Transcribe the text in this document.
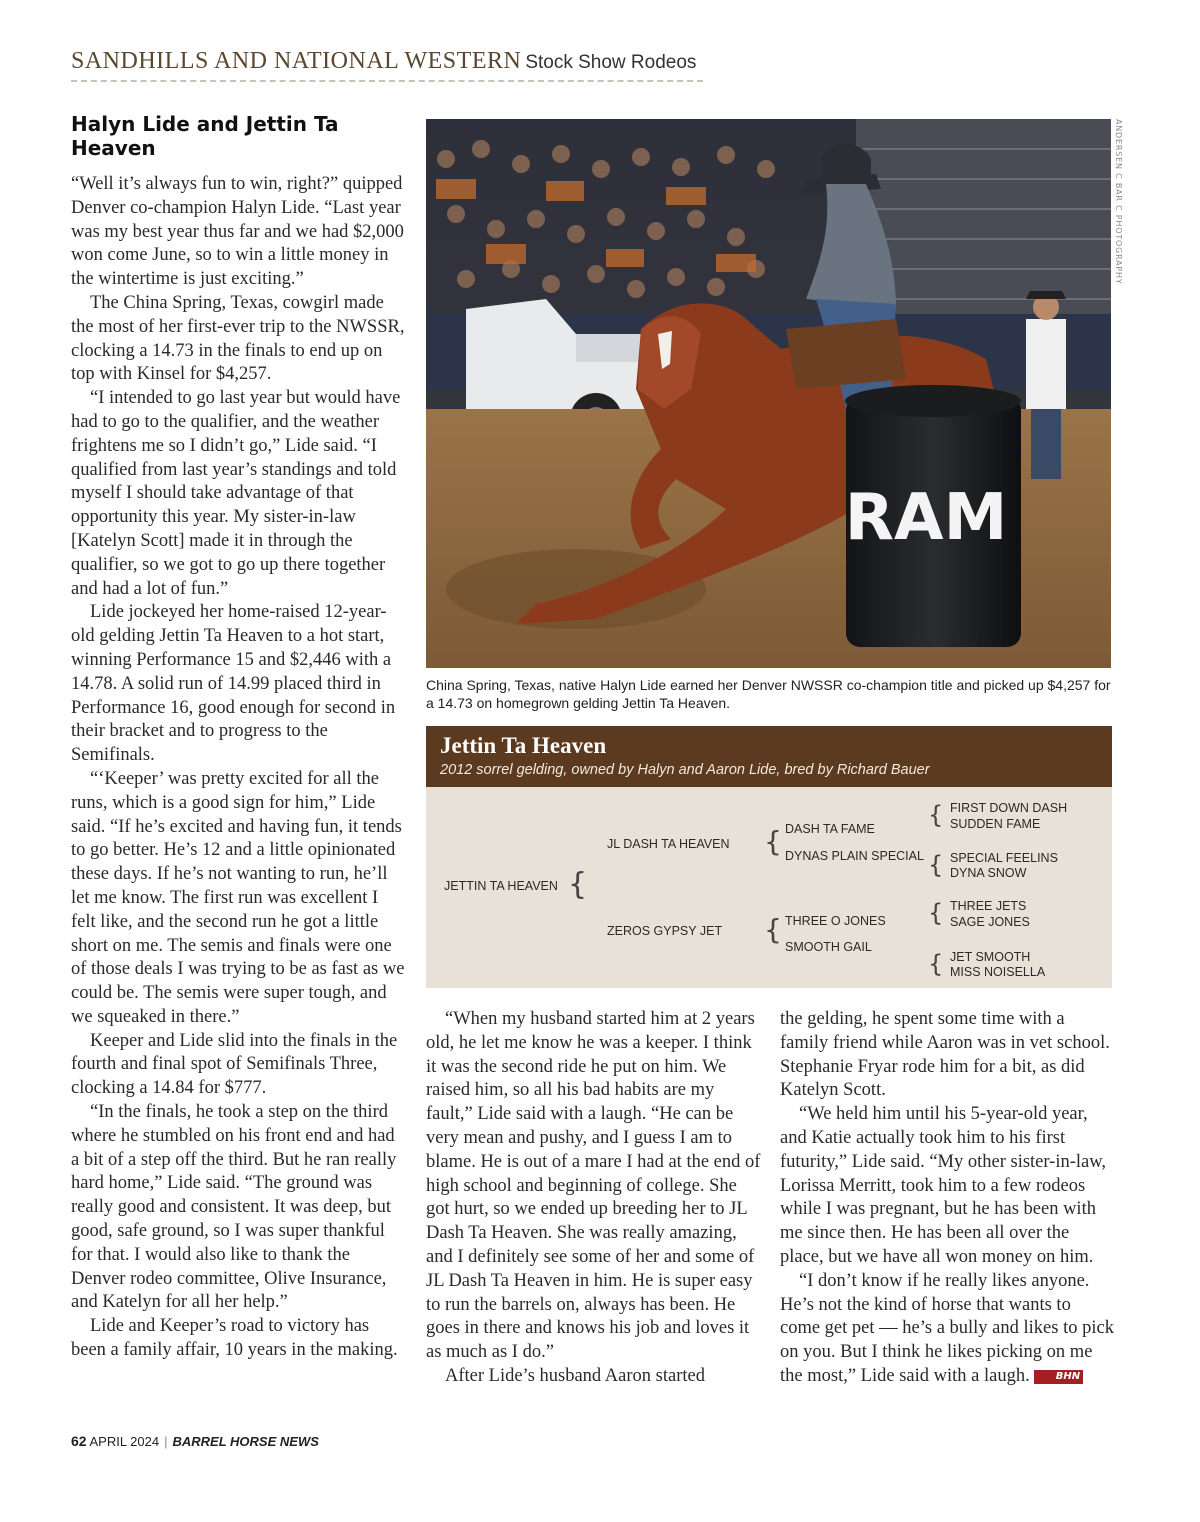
SANDHILLS AND NATIONAL WESTERN Stock Show Rodeos
Halyn Lide and Jettin Ta Heaven

“Well it’s always fun to win, right?” quipped Denver co-champion Halyn Lide. “Last year was my best year thus far and we had $2,000 won come June, so to win a little money in the wintertime is just exciting.”

The China Spring, Texas, cowgirl made the most of her first-ever trip to the NWSSR, clocking a 14.73 in the finals to end up on top with Kinsel for $4,257.

“I intended to go last year but would have had to go to the qualifier, and the weather frightens me so I didn’t go,” Lide said. “I qualified from last year’s standings and told myself I should take advantage of that opportunity this year. My sister-in-law [Katelyn Scott] made it in through the qualifier, so we got to go up there together and had a lot of fun.”

Lide jockeyed her home-raised 12-year-old gelding Jettin Ta Heaven to a hot start, winning Performance 15 and $2,446 with a 14.78. A solid run of 14.99 placed third in Performance 16, good enough for second in their bracket and to progress to the Semifinals.

“‘Keeper’ was pretty excited for all the runs, which is a good sign for him,” Lide said. “If he’s excited and having fun, it tends to go better. He’s 12 and a little opinionated these days. If he’s not wanting to run, he’ll let me know. The first run was excellent I felt like, and the second run he got a little short on me. The semis and finals were one of those deals I was trying to be as fast as we could be. The semis were super tough, and we squeaked in there.”

Keeper and Lide slid into the finals in the fourth and final spot of Semifinals Three, clocking a 14.84 for $777.

“In the finals, he took a step on the third where he stumbled on his front end and had a bit of a step off the third. But he ran really hard home,” Lide said. “The ground was really good and consistent. It was deep, but good, safe ground, so I was super thankful for that. I would also like to thank the Denver rodeo committee, Olive Insurance, and Katelyn for all her help.”

Lide and Keeper’s road to victory has been a family affair, 10 years in the making.

RAM
ANDERSEN C BAR C PHOTOGRAPHY
China Spring, Texas, native Halyn Lide earned her Denver NWSSR co-champion title and picked up $4,257 for a 14.73 on homegrown gelding Jettin Ta Heaven.
Jettin Ta Heaven
2012 sorrel gelding, owned by Halyn and Aaron Lide, bred by Richard Bauer
JETTIN TA HEAVEN {
JL DASH TA HEAVEN
ZEROS GYPSY JET
{ DASH TA FAME
DYNAS PLAIN SPECIAL
{ THREE O JONES
SMOOTH GAIL
{ FIRST DOWN DASH
SUDDEN FAME
{ SPECIAL FEELINS
DYNA SNOW
{ THREE JETS
SAGE JONES
{ JET SMOOTH
MISS NOISELLA

“When my husband started him at 2 years old, he let me know he was a keeper. I think it was the second ride he put on him. We raised him, so all his bad habits are my fault,” Lide said with a laugh. “He can be very mean and pushy, and I guess I am to blame. He is out of a mare I had at the end of high school and beginning of college. She got hurt, so we ended up breeding her to JL Dash Ta Heaven. She was really amazing, and I definitely see some of her and some of JL Dash Ta Heaven in him. He is super easy to run the barrels on, always has been. He goes in there and knows his job and loves it as much as I do.”

After Lide’s husband Aaron started

the gelding, he spent some time with a family friend while Aaron was in vet school. Stephanie Fryar rode him for a bit, as did Katelyn Scott.

“We held him until his 5-year-old year, and Katie actually took him to his first futurity,” Lide said. “My other sister-in-law, Lorissa Merritt, took him to a few rodeos while I was pregnant, but he has been with me since then. He has been all over the place, but we have all won money on him.

“I don’t know if he really likes anyone. He’s not the kind of horse that wants to come get pet — he’s a bully and likes to pick on you. But I think he likes picking on me the most,” Lide said with a laugh.	BHN

62 APRIL 2024 | BARREL HORSE NEWS
